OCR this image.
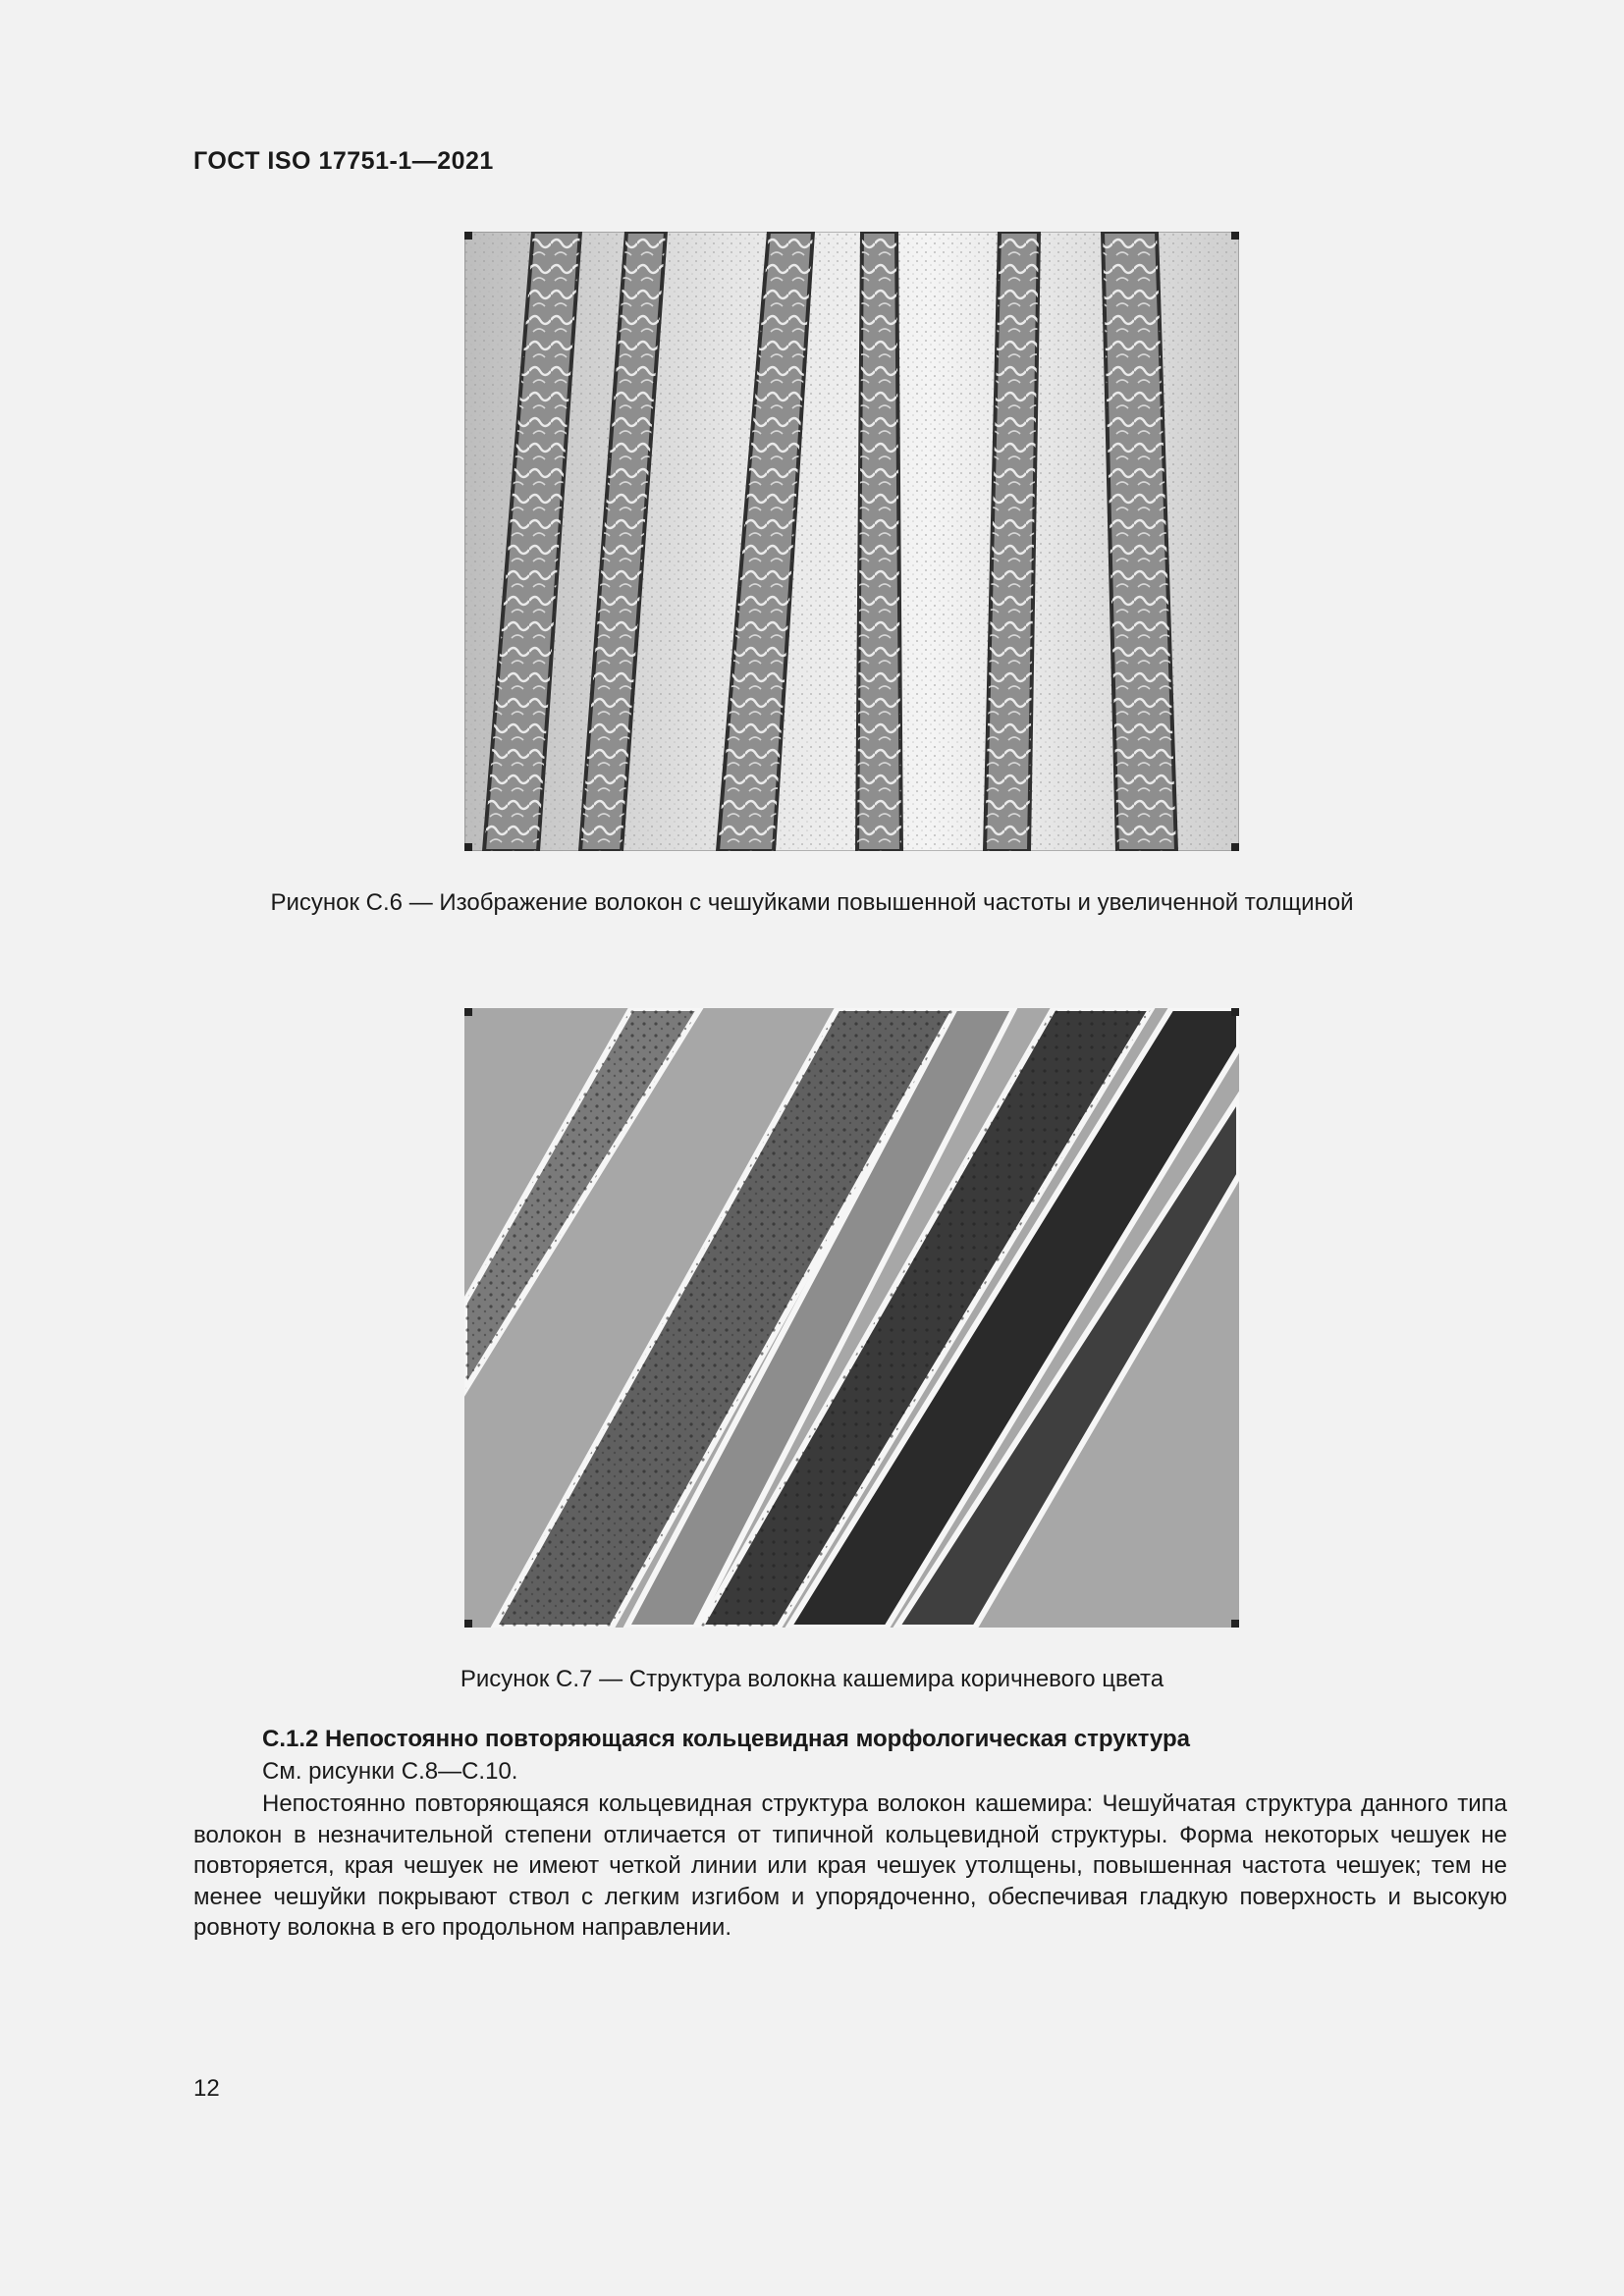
ГОСТ ISO 17751-1—2021
Рисунок С.6 — Изображение волокон с чешуйками повышенной частоты и увеличенной толщиной
Рисунок С.7 — Структура волокна кашемира коричневого цвета
С.1.2 Непостоянно повторяющаяся кольцевидная морфологическая структура
См. рисунки С.8—С.10.
Непостоянно повторяющаяся кольцевидная структура волокон кашемира: Чешуйчатая структура данного типа волокон в незначительной степени отличается от типичной кольцевидной структуры. Форма некоторых чешуек не повторяется, края чешуек не имеют четкой линии или края чешуек утолщены, повышенная частота чешуек; тем не менее чешуйки покрывают ствол с легким изгибом и упорядоченно, обеспечивая гладкую поверхность и высокую ровноту волокна в его продольном направлении.
12
